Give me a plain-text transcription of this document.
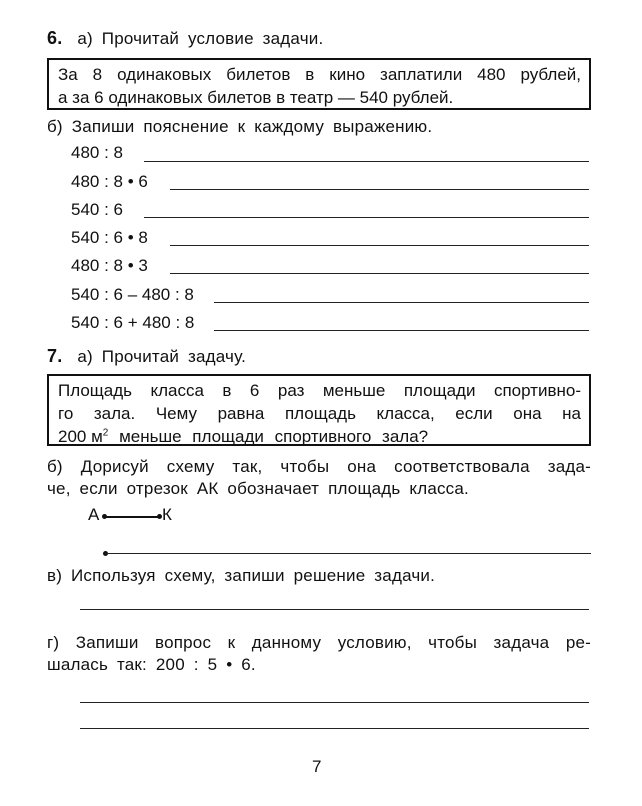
6. а) Прочитай условие задачи.
За 8 одинаковых билетов в кино заплатили 480 рублей,
а за 6 одинаковых билетов в театр — 540 рублей.
б) Запиши пояснение к каждому выражению.
480 : 8
480 : 8 • 6
540 : 6
540 : 6 • 8
480 : 8 • 3
540 : 6 – 480 : 8
540 : 6 + 480 : 8
7. а) Прочитай задачу.
Площадь класса в 6 раз меньше площади спортивно-
го зала. Чему равна площадь класса, если она на
200 $м^2$ меньше площади спортивного зала?
б) Дорисуй схему так, чтобы она соответствовала зада-
че, если отрезок АК обозначает площадь класса.
А	К
в) Используя схему, запиши решение задачи.
г) Запиши вопрос к данному условию, чтобы задача ре-
шалась так: 200 : 5 • 6.
7
